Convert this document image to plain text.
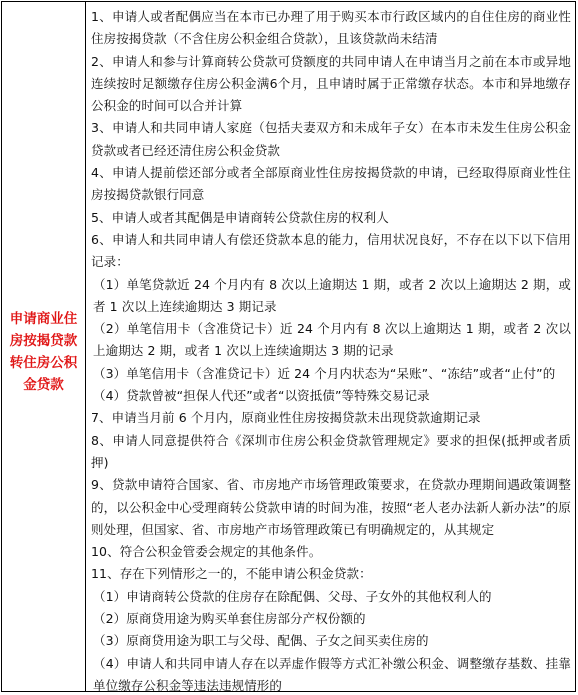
申请商业住房按揭贷款转住房公积金贷款
1、申请人或者配偶应当在本市已办理了用于购买本市行政区域内的自住住房的商业性住房按揭贷款（不含住房公积金组合贷款），且该贷款尚未结清
2、申请人和参与计算商转公贷款可贷额度的共同申请人在申请当月之前在本市或异地连续按时足额缴存住房公积金满6个月，且申请时属于正常缴存状态。本市和异地缴存公积金的时间可以合并计算
3、申请人和共同申请人家庭（包括夫妻双方和未成年子女）在本市未发生住房公积金贷款或者已经还清住房公积金贷款
4、申请人提前偿还部分或者全部原商业性住房按揭贷款的申请，已经取得原商业性住房按揭贷款银行同意
5、申请人或者其配偶是申请商转公贷款住房的权利人
6、申请人和共同申请人有偿还贷款本息的能力，信用状况良好，不存在以下以下信用记录：
（1）单笔贷款近 24 个月内有 8 次以上逾期达 1 期，或者 2 次以上逾期达 2 期，或者 1 次以上连续逾期达 3 期记录
（2）单笔信用卡（含准贷记卡）近 24 个月内有 8 次以上逾期达 1 期，或者 2 次以上逾期达 2 期，或者 1 次以上连续逾期达 3 期的记录
（3）单笔信用卡（含准贷记卡）近 24 个月内状态为“呆账”、“冻结”或者“止付”的
（4）贷款曾被“担保人代还”或者“以资抵债”等特殊交易记录
7、申请当月前 6 个月内，原商业性住房按揭贷款未出现贷款逾期记录
8、申请人同意提供符合《深圳市住房公积金贷款管理规定》要求的担保(抵押或者质押)
9、贷款申请符合国家、省、市房地产市场管理政策要求，在贷款办理期间遇政策调整的，以公积金中心受理商转公贷款申请的时间为准，按照“老人老办法新人新办法”的原则处理，但国家、省、市房地产市场管理政策已有明确规定的，从其规定
10、符合公积金管委会规定的其他条件。
11、存在下列情形之一的，不能申请公积金贷款：
（1）申请商转公贷款的住房存在除配偶、父母、子女外的其他权利人的
（2）原商贷用途为购买单套住房部分产权份额的
（3）原商贷用途为职工与父母、配偶、子女之间买卖住房的
（4）申请人和共同申请人存在以弄虚作假等方式汇补缴公积金、调整缴存基数、挂靠单位缴存公积金等违法违规情形的
